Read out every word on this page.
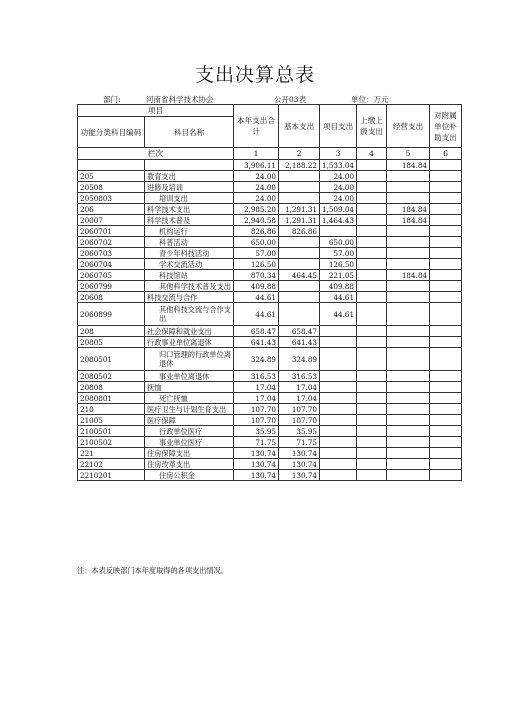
支出决算总表
部门:	河南省科学技术协会	公开03表	单位：万元
项目		本年支出合计	基本支出	项目支出	上缴上级支出	经营支出	对附属单位补助支出
功能分类科目编码	科目名称						
栏次		1	2	3	4	5	6
		3,906.11	2,188.22	1,533.04		184.84	
205	教育支出	24.00		24.00			
20508	进修及培训	24.00		24.00			
2050803	培训支出	24.00		24.00			
206	科学技术支出	2,985.20	1,291.31	1,509.04		184.84	
20007	科学技术普及	2,940.58	1,291.31	1,464.43		184.84	
2060701	机构运行	826.86	826.86				
2060702	科普活动	650.00		650.00			
2060703	青少年科技活动	57.00		57.00			
2060704	学术交流活动	126.50		126.50			
2060705	科技馆站	870.34	464.45	221.05		184.84	
2060799	其他科学技术普及支出	409.88		409.88			
20608	科技交流与合作	44.61		44.61			
2060899	其他科技交流与合作支出	44.61		44.61			
208	社会保障和就业支出	658.47	658.47				
20805	行政事业单位离退休	641.43	641.43				
2080501	归口管理的行政单位离退休	324.89	324.89				
2080502	事业单位离退休	316.53	316.53				
20808	抚恤	17.04	17.04				
2080801	死亡抚恤	17.04	17.04				
210	医疗卫生与计划生育支出	107.70	107.70				
21005	医疗保障	107.70	107.70				
2100501	行政单位医疗	35.95	35.95				
2100502	事业单位医疗	71.75	71.75				
221	住房保障支出	130.74	130.74				
22102	住房改革支出	130.74	130.74				
2210201	住房公积金	130.74	130.74				
注：本表反映部门本年度取得的各项支出情况。
